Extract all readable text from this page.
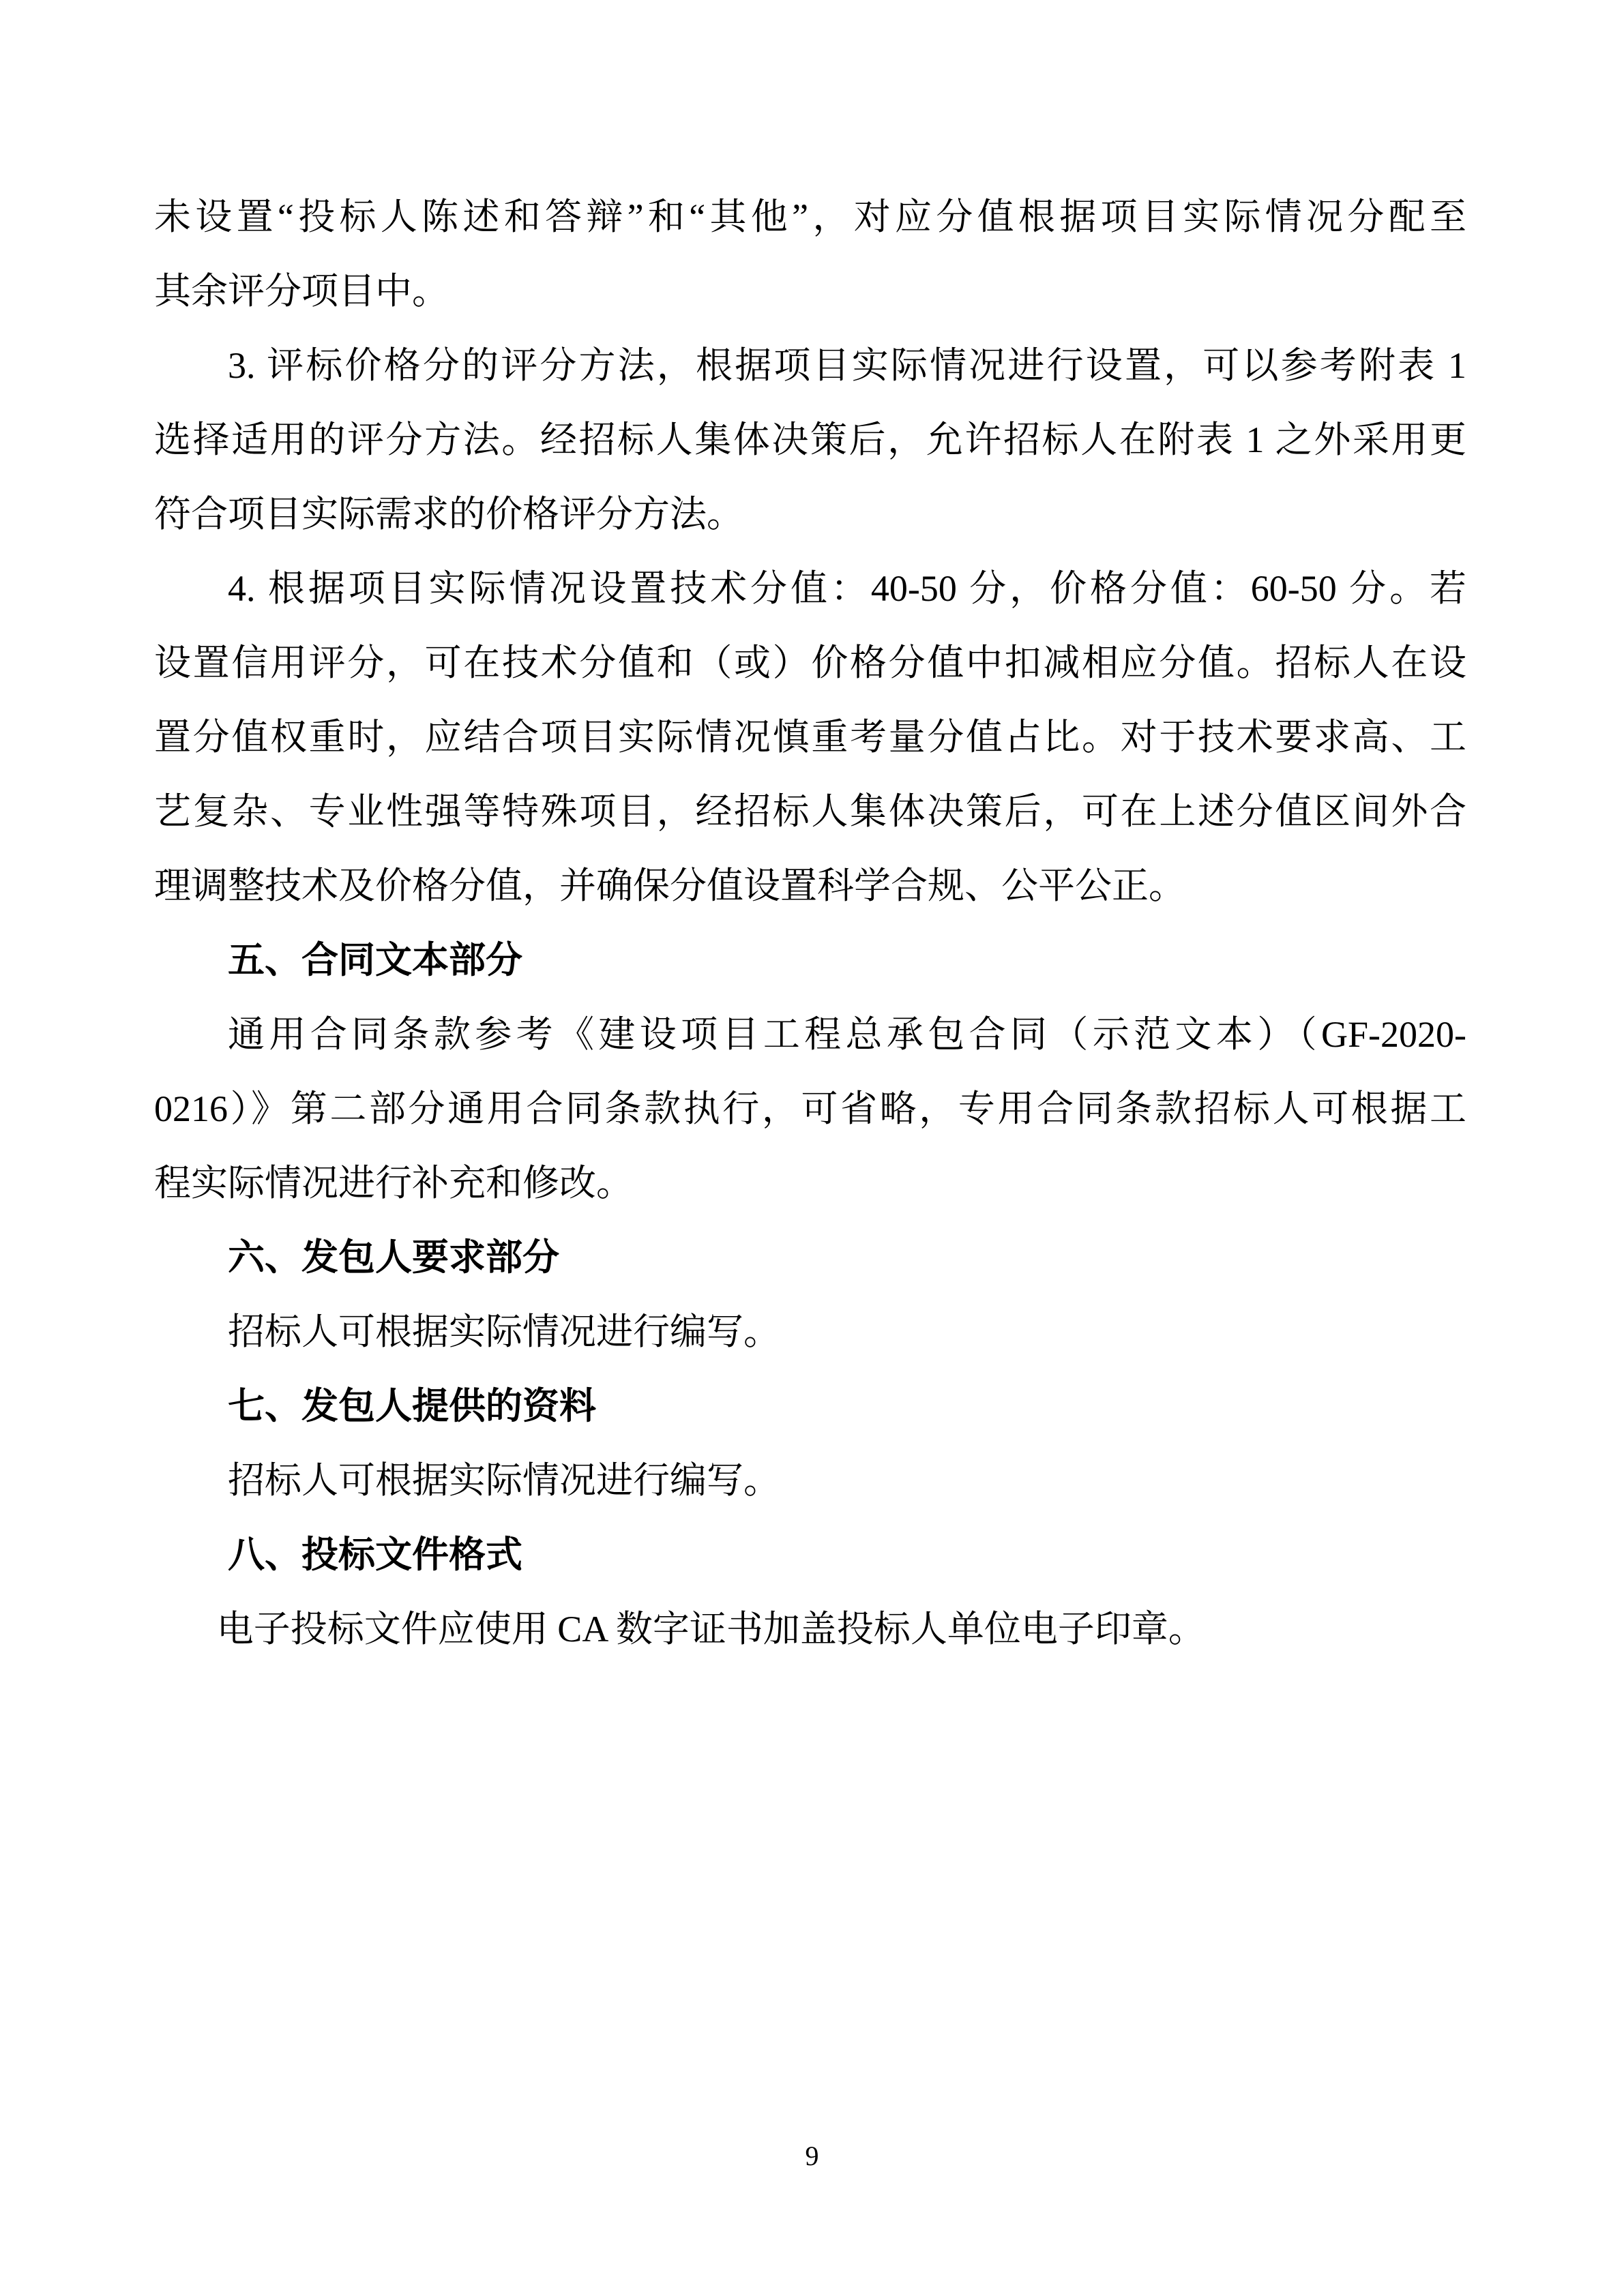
未设置“投标人陈述和答辩”和“其他”，对应分值根据项目实际情况分配至
其余评分项目中。
3. 评标价格分的评分方法，根据项目实际情况进行设置，可以参考附表 1
选择适用的评分方法。经招标人集体决策后，允许招标人在附表 1 之外采用更
符合项目实际需求的价格评分方法。
4. 根据项目实际情况设置技术分值：40-50 分，价格分值：60-50 分。若
设置信用评分，可在技术分值和（或）价格分值中扣减相应分值。招标人在设
置分值权重时，应结合项目实际情况慎重考量分值占比。对于技术要求高、工
艺复杂、专业性强等特殊项目，经招标人集体决策后，可在上述分值区间外合
理调整技术及价格分值，并确保分值设置科学合规、公平公正。
五、合同文本部分
通用合同条款参考《建设项目工程总承包合同（示范文本）（GF-2020-
0216）》第二部分通用合同条款执行，可省略，专用合同条款招标人可根据工
程实际情况进行补充和修改。
六、发包人要求部分
招标人可根据实际情况进行编写。
七、发包人提供的资料
招标人可根据实际情况进行编写。
八、投标文件格式
电子投标文件应使用 CA 数字证书加盖投标人单位电子印章。
9
